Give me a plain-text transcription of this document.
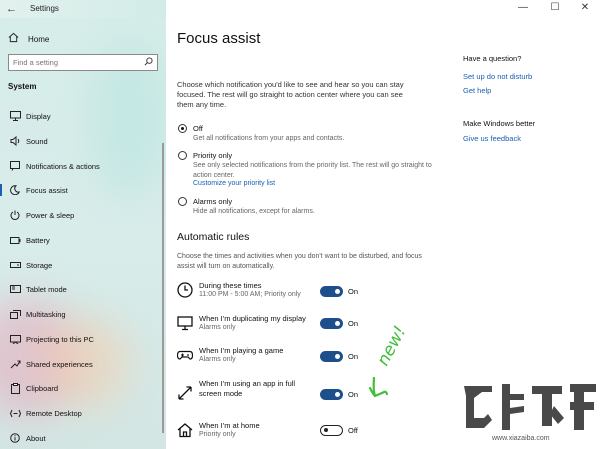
← Settings	— ☐ ✕
Home
Find a setting
System
Display
Sound
Notifications & actions
Focus assist
Power & sleep
Battery
Storage
Tablet mode
Multitasking
Projecting to this PC
Shared experiences
Clipboard
Remote Desktop
About
Focus assist
Choose which notification you'd like to see and hear so you can stay focused. The rest will go straight to action center where you can see them any time.
Off
Get all notifications from your apps and contacts.
Priority only
See only selected notifications from the priority list. The rest will go straight to action center.
Customize your priority list
Alarms only
Hide all notifications, except for alarms.
Automatic rules
Choose the times and activities when you don't want to be disturbed, and focus assist will turn on automatically.
During these times
11:00 PM - 5:00 AM; Priority only	On
When I'm duplicating my display
Alarms only	On
When I'm playing a game
Alarms only	On
When I'm using an app in full screen mode	On
When I'm at home
Priority only	Off
Have a question?
Set up do not disturb
Get help
Make Windows better
Give us feedback
new!
www.xiazaiba.com
